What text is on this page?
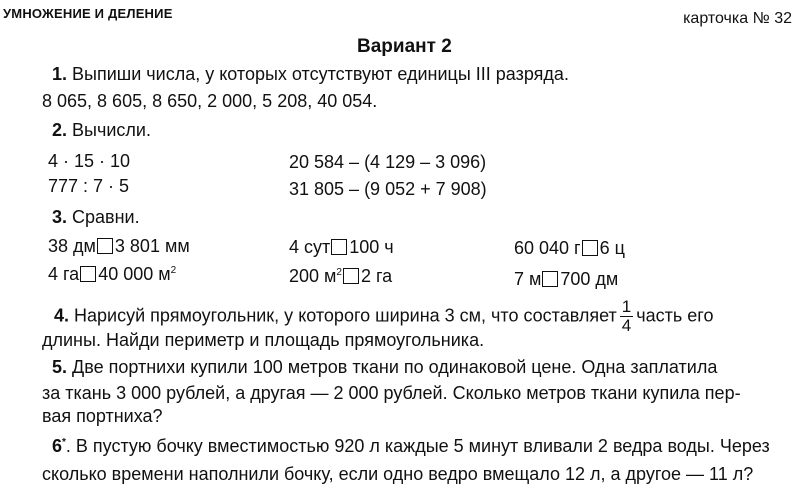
УМНОЖЕНИЕ И ДЕЛЕНИЕ	карточка № 32
Вариант 2
1. Выпиши числа, у которых отсутствуют единицы III разряда.
8 065, 8 605, 8 650, 2 000, 5 208, 40 054.
2. Вычисли.
4 · 15 · 10
777 : 7 · 5
20 584 – (4 129 – 3 096)
31 805 – (9 052 + 7 908)
3. Сравни.
38 дм 3 801 мм
4 га 40 000 $м^2$
4 сут 100 ч
200 $м^2$ 2 га
60 040 г 6 ц
7 м 700 дм
4. Нарисуй прямоугольник, у которого ширина 3 см, что составляет $\frac{1}{4}$ часть его
длины. Найди периметр и площадь прямоугольника.
5. Две портнихи купили 100 метров ткани по одинаковой цене. Одна заплатила
за ткань 3 000 рублей, а другая — 2 000 рублей. Сколько метров ткани купила пер-
вая портниха?
6*. В пустую бочку вместимостью 920 л каждые 5 минут вливали 2 ведра воды. Через
сколько времени наполнили бочку, если одно ведро вмещало 12 л, а другое — 11 л?
